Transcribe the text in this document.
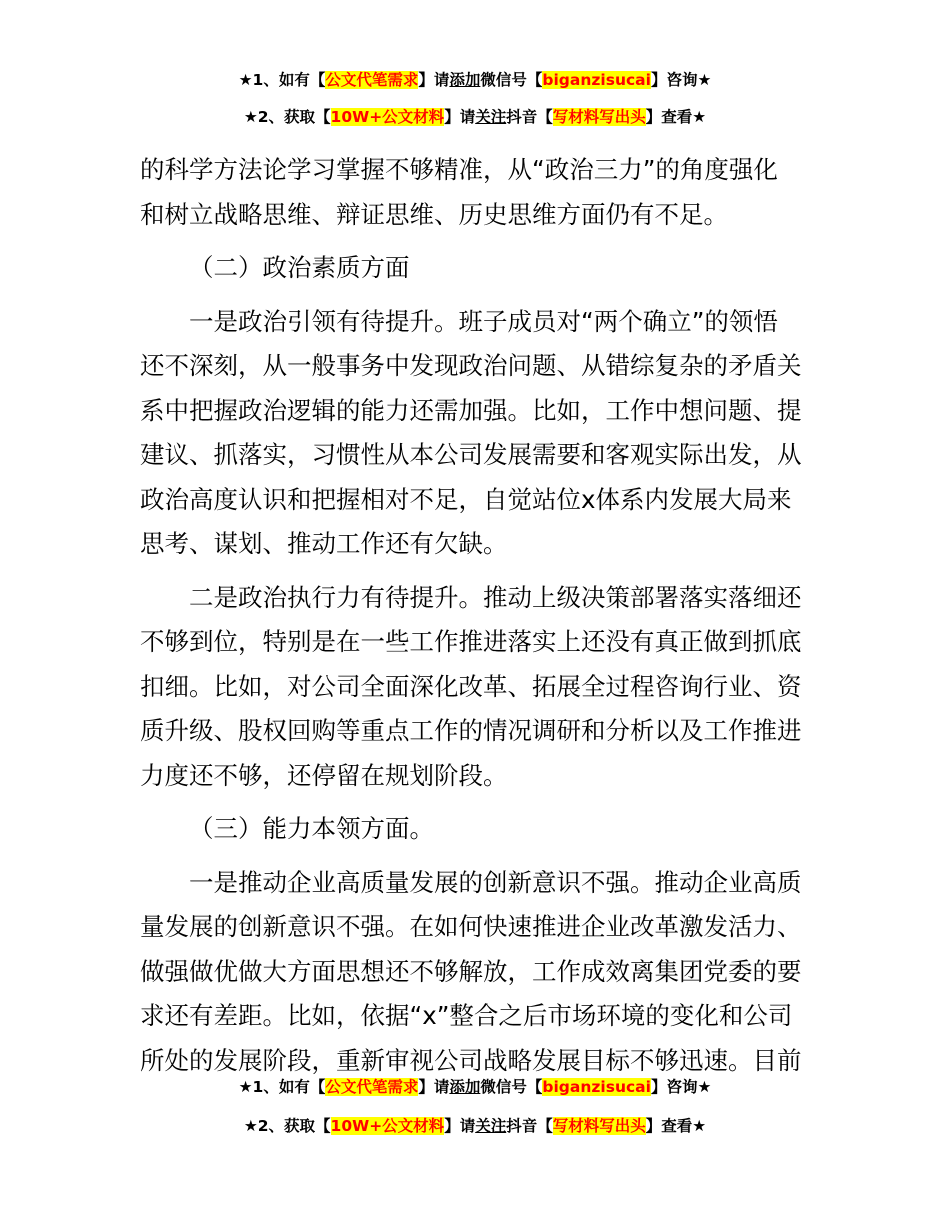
★1、如有【公文代笔需求】请添加微信号【biganzisucai】咨询★
★2、获取【10W+公文材料】请关注抖音【写材料写出头】查看★

的科学方法论学习掌握不够精准，从“政治三力”的角度强化
和树立战略思维、辩证思维、历史思维方面仍有不足。

（二）政治素质方面

一是政治引领有待提升。班子成员对“两个确立”的领悟
还不深刻，从一般事务中发现政治问题、从错综复杂的矛盾关
系中把握政治逻辑的能力还需加强。比如，工作中想问题、提
建议、抓落实，习惯性从本公司发展需要和客观实际出发，从
政治高度认识和把握相对不足，自觉站位x体系内发展大局来
思考、谋划、推动工作还有欠缺。

二是政治执行力有待提升。推动上级决策部署落实落细还
不够到位，特别是在一些工作推进落实上还没有真正做到抓底
扣细。比如，对公司全面深化改革、拓展全过程咨询行业、资
质升级、股权回购等重点工作的情况调研和分析以及工作推进
力度还不够，还停留在规划阶段。

（三）能力本领方面。

一是推动企业高质量发展的创新意识不强。推动企业高质
量发展的创新意识不强。在如何快速推进企业改革激发活力、
做强做优做大方面思想还不够解放，工作成效离集团党委的要
求还有差距。比如，依据“x”整合之后市场环境的变化和公司
所处的发展阶段，重新审视公司战略发展目标不够迅速。目前

★1、如有【公文代笔需求】请添加微信号【biganzisucai】咨询★
★2、获取【10W+公文材料】请关注抖音【写材料写出头】查看★
